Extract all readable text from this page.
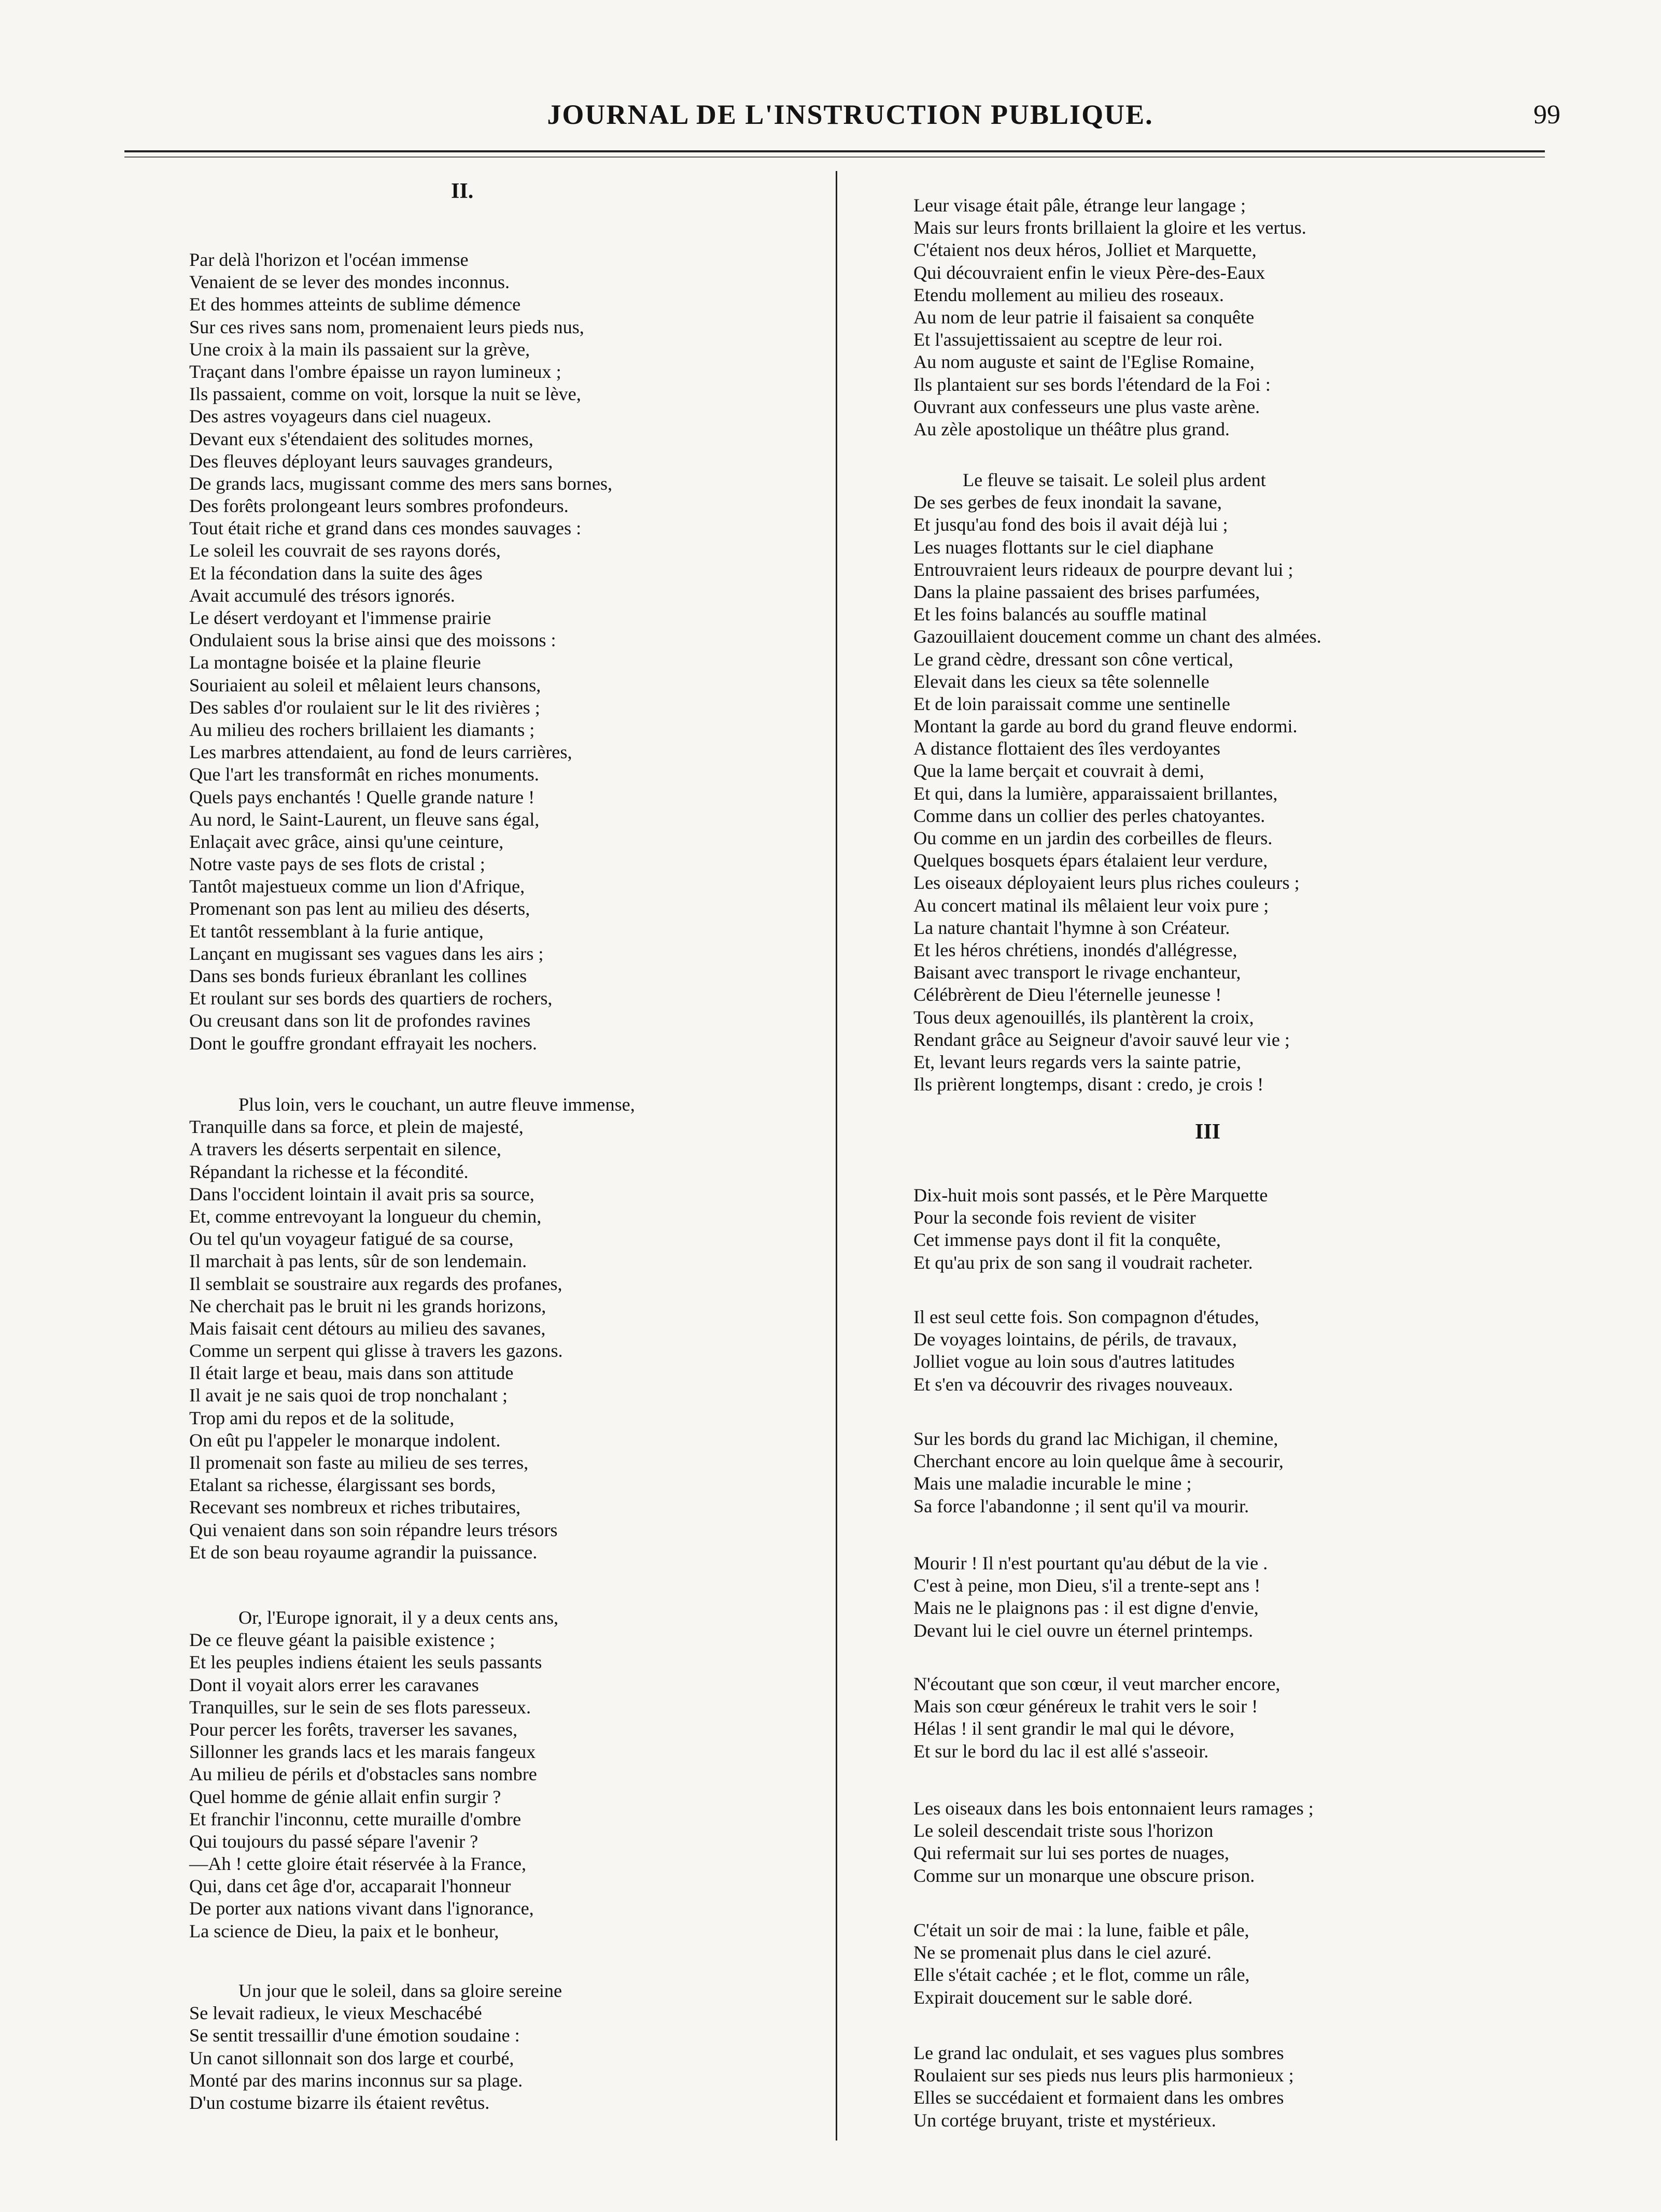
JOURNAL DE L'INSTRUCTION PUBLIQUE.	99
II.
III
Par delà l'horizon et l'océan immense
Venaient de se lever des mondes inconnus.
Et des hommes atteints de sublime démence
Sur ces rives sans nom, promenaient leurs pieds nus,
Une croix à la main ils passaient sur la grève,
Traçant dans l'ombre épaisse un rayon lumineux ;
Ils passaient, comme on voit, lorsque la nuit se lève,
Des astres voyageurs dans ciel nuageux.
Devant eux s'étendaient des solitudes mornes,
Des fleuves déployant leurs sauvages grandeurs,
De grands lacs, mugissant comme des mers sans bornes,
Des forêts prolongeant leurs sombres profondeurs.
Tout était riche et grand dans ces mondes sauvages :
Le soleil les couvrait de ses rayons dorés,
Et la fécondation dans la suite des âges
Avait accumulé des trésors ignorés.
Le désert verdoyant et l'immense prairie
Ondulaient sous la brise ainsi que des moissons :
La montagne boisée et la plaine fleurie
Souriaient au soleil et mêlaient leurs chansons,
Des sables d'or roulaient sur le lit des rivières ;
Au milieu des rochers brillaient les diamants ;
Les marbres attendaient, au fond de leurs carrières,
Que l'art les transformât en riches monuments.
Quels pays enchantés ! Quelle grande nature !
Au nord, le Saint-Laurent, un fleuve sans égal,
Enlaçait avec grâce, ainsi qu'une ceinture,
Notre vaste pays de ses flots de cristal ;
Tantôt majestueux comme un lion d'Afrique,
Promenant son pas lent au milieu des déserts,
Et tantôt ressemblant à la furie antique,
Lançant en mugissant ses vagues dans les airs ;
Dans ses bonds furieux ébranlant les collines
Et roulant sur ses bords des quartiers de rochers,
Ou creusant dans son lit de profondes ravines
Dont le gouffre grondant effrayait les nochers.
Plus loin, vers le couchant, un autre fleuve immense,
Tranquille dans sa force, et plein de majesté,
A travers les déserts serpentait en silence,
Répandant la richesse et la fécondité.
Dans l'occident lointain il avait pris sa source,
Et, comme entrevoyant la longueur du chemin,
Ou tel qu'un voyageur fatigué de sa course,
Il marchait à pas lents, sûr de son lendemain.
Il semblait se soustraire aux regards des profanes,
Ne cherchait pas le bruit ni les grands horizons,
Mais faisait cent détours au milieu des savanes,
Comme un serpent qui glisse à travers les gazons.
Il était large et beau, mais dans son attitude
Il avait je ne sais quoi de trop nonchalant ;
Trop ami du repos et de la solitude,
On eût pu l'appeler le monarque indolent.
Il promenait son faste au milieu de ses terres,
Etalant sa richesse, élargissant ses bords,
Recevant ses nombreux et riches tributaires,
Qui venaient dans son soin répandre leurs trésors
Et de son beau royaume agrandir la puissance.
Or, l'Europe ignorait, il y a deux cents ans,
De ce fleuve géant la paisible existence ;
Et les peuples indiens étaient les seuls passants
Dont il voyait alors errer les caravanes
Tranquilles, sur le sein de ses flots paresseux.
Pour percer les forêts, traverser les savanes,
Sillonner les grands lacs et les marais fangeux
Au milieu de périls et d'obstacles sans nombre
Quel homme de génie allait enfin surgir ?
Et franchir l'inconnu, cette muraille d'ombre
Qui toujours du passé sépare l'avenir ?
—Ah ! cette gloire était réservée à la France,
Qui, dans cet âge d'or, accaparait l'honneur
De porter aux nations vivant dans l'ignorance,
La science de Dieu, la paix et le bonheur,
Un jour que le soleil, dans sa gloire sereine
Se levait radieux, le vieux Meschacébé
Se sentit tressaillir d'une émotion soudaine :
Un canot sillonnait son dos large et courbé,
Monté par des marins inconnus sur sa plage.
D'un costume bizarre ils étaient revêtus.
Leur visage était pâle, étrange leur langage ;
Mais sur leurs fronts brillaient la gloire et les vertus.
C'étaient nos deux héros, Jolliet et Marquette,
Qui découvraient enfin le vieux Père-des-Eaux
Etendu mollement au milieu des roseaux.
Au nom de leur patrie il faisaient sa conquête
Et l'assujettissaient au sceptre de leur roi.
Au nom auguste et saint de l'Eglise Romaine,
Ils plantaient sur ses bords l'étendard de la Foi :
Ouvrant aux confesseurs une plus vaste arène.
Au zèle apostolique un théâtre plus grand.
Le fleuve se taisait. Le soleil plus ardent
De ses gerbes de feux inondait la savane,
Et jusqu'au fond des bois il avait déjà lui ;
Les nuages flottants sur le ciel diaphane
Entrouvraient leurs rideaux de pourpre devant lui ;
Dans la plaine passaient des brises parfumées,
Et les foins balancés au souffle matinal
Gazouillaient doucement comme un chant des almées.
Le grand cèdre, dressant son cône vertical,
Elevait dans les cieux sa tête solennelle
Et de loin paraissait comme une sentinelle
Montant la garde au bord du grand fleuve endormi.
A distance flottaient des îles verdoyantes
Que la lame berçait et couvrait à demi,
Et qui, dans la lumière, apparaissaient brillantes,
Comme dans un collier des perles chatoyantes.
Ou comme en un jardin des corbeilles de fleurs.
Quelques bosquets épars étalaient leur verdure,
Les oiseaux déployaient leurs plus riches couleurs ;
Au concert matinal ils mêlaient leur voix pure ;
La nature chantait l'hymne à son Créateur.
Et les héros chrétiens, inondés d'allégresse,
Baisant avec transport le rivage enchanteur,
Célébrèrent de Dieu l'éternelle jeunesse !
Tous deux agenouillés, ils plantèrent la croix,
Rendant grâce au Seigneur d'avoir sauvé leur vie ;
Et, levant leurs regards vers la sainte patrie,
Ils prièrent longtemps, disant : credo, je crois !
Dix-huit mois sont passés, et le Père Marquette
Pour la seconde fois revient de visiter
Cet immense pays dont il fit la conquête,
Et qu'au prix de son sang il voudrait racheter.
Il est seul cette fois. Son compagnon d'études,
De voyages lointains, de périls, de travaux,
Jolliet vogue au loin sous d'autres latitudes
Et s'en va découvrir des rivages nouveaux.
Sur les bords du grand lac Michigan, il chemine,
Cherchant encore au loin quelque âme à secourir,
Mais une maladie incurable le mine ;
Sa force l'abandonne ; il sent qu'il va mourir.
Mourir ! Il n'est pourtant qu'au début de la vie .
C'est à peine, mon Dieu, s'il a trente-sept ans !
Mais ne le plaignons pas : il est digne d'envie,
Devant lui le ciel ouvre un éternel printemps.
N'écoutant que son cœur, il veut marcher encore,
Mais son cœur généreux le trahit vers le soir !
Hélas ! il sent grandir le mal qui le dévore,
Et sur le bord du lac il est allé s'asseoir.
Les oiseaux dans les bois entonnaient leurs ramages ;
Le soleil descendait triste sous l'horizon
Qui refermait sur lui ses portes de nuages,
Comme sur un monarque une obscure prison.
C'était un soir de mai : la lune, faible et pâle,
Ne se promenait plus dans le ciel azuré.
Elle s'était cachée ; et le flot, comme un râle,
Expirait doucement sur le sable doré.
Le grand lac ondulait, et ses vagues plus sombres
Roulaient sur ses pieds nus leurs plis harmonieux ;
Elles se succédaient et formaient dans les ombres
Un cortége bruyant, triste et mystérieux.
